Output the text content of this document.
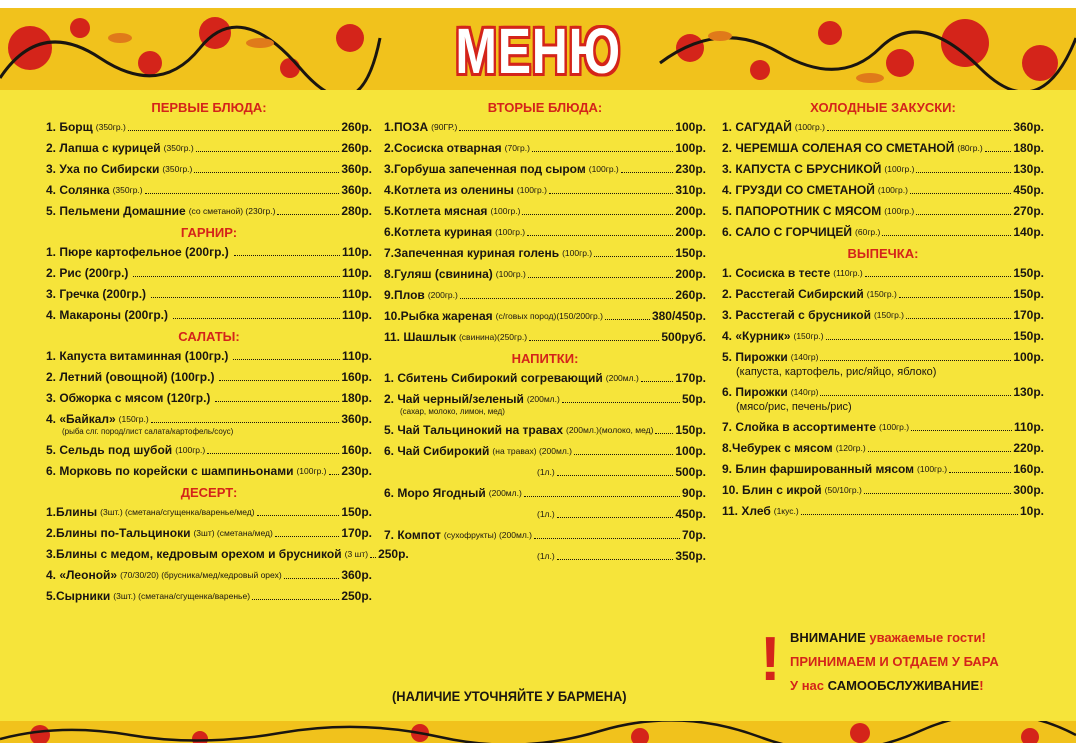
МЕНЮ
ПЕРВЫЕ БЛЮДА:
1. Борщ (350гр.)	260р.
2. Лапша с курицей (350гр.)	260р.
3. Уха по Сибирски (350гр.)	360р.
4. Солянка (350гр.)	360р.
5. Пельмени Домашние (со сметаной) (230гр.)	280р.
ГАРНИР:
1. Пюре картофельное (200гр.)	110р.
2. Рис (200гр.)	110р.
3. Гречка (200гр.)	110р.
4. Макароны (200гр.)	110р.
САЛАТЫ:
1. Капуста витаминная (100гр.)	110р.
2. Летний (овощной) (100гр.)	160р.
3. Обжорка с мясом (120гр.)	180р.
4. «Байкал» (150гр.)	360р.
(рыба слг. пород/лист салата/картофель/соус)
5. Сельдь под шубой (100гр.)	160р.
6. Морковь по корейски с шампиньонами (100гр.) 230р.
ДЕСЕРТ:
1.Блины (3шт.) (сметана/сгущенка/варенье/мед)	150р.
2.Блины по-Тальциноки (3шт) (сметана/мед)	170р.
3.Блины с медом, кедровым орехом и брусникой (3 шт) 250р.
4. «Леоной» (70/30/20) (брусника/мед/кедровый орех)	360р.
5.Сырники (3шт.) (сметана/сгущенка/варенье)	250р.
ВТОРЫЕ БЛЮДА:
1.ПОЗА (90ГР.)	100р.
2.Сосиска отварная (70гр.)	100р.
3.Горбуша запеченная под сыром (100гр.)	230р.
4.Котлета из оленины (100гр.)	310р.
5.Котлета мясная (100гр.)	200р.
6.Котлета куриная (100гр.)	200р.
7.Запеченная куриная голень (100гр.)	150р.
8.Гуляш (свинина) (100гр.)	200р.
9.Плов (200гр.)	260р.
10.Рыбка жареная (с/говых пород)(150/200гр.)	380/450р.
11. Шашлык (свинина)(250гр.)	500руб.
НАПИТКИ:
1. Сбитень Сибирокий согревающий (200мл.)	170р.
2. Чай черный/зеленый (200мл.)	50р.
(сахар, молоко, лимон, мед)
5. Чай Тальцинокий на травах (200мл.)(молоко, мед) 150р.
6. Чай Сибирокий (на травах) (200мл.)	100р.
(1л.)	500р.
6. Моро Ягодный (200мл.)	90р.
(1л.)	450р.
7. Компот (сухофрукты) (200мл.)	70р.
(1л.)	350р.
ХОЛОДНЫЕ ЗАКУСКИ:
1. САГУДАЙ (100гр.)	360р.
2. ЧЕРЕМША СОЛЕНАЯ СО СМЕТАНОЙ (80гр.)	180р.
3. КАПУСТА С БРУСНИКОЙ (100гр.)	130р.
4. ГРУЗДИ СО СМЕТАНОЙ (100гр.)	450р.
5. ПАПОРОТНИК С МЯСОМ (100гр.)	270р.
6. САЛО С ГОРЧИЦЕЙ (60гр.)	140р.
ВЫПЕЧКА:
1. Сосиска в тесте (110гр.)	150р.
2. Расстегай Сибирский (150гр.)	150р.
3. Расстегай с брусникой (150гр.)	170р.
4. «Курник» (150гр.)	150р.
5. Пирожки (140гр)	100р.
(капуста, картофель, рис/яйцо, яблоко)
6. Пирожки (140гр)	130р.
(мясо/рис, печень/рис)
7. Слойка в ассортименте (100гр.)	110р.
8.Чебурек с мясом (120гр.)	220р.
9. Блин фаршированный мясом (100гр.)	160р.
10. Блин с икрой (50/10гр.)	300р.
11. Хлеб (1кус.)	10р.
(НАЛИЧИЕ УТОЧНЯЙТЕ У БАРМЕНА)
! ВНИМАНИЕ уважаемые гости!
ПРИНИМАЕМ И ОТДАЕМ У БАРА
У нас САМООБСЛУЖИВАНИЕ!
